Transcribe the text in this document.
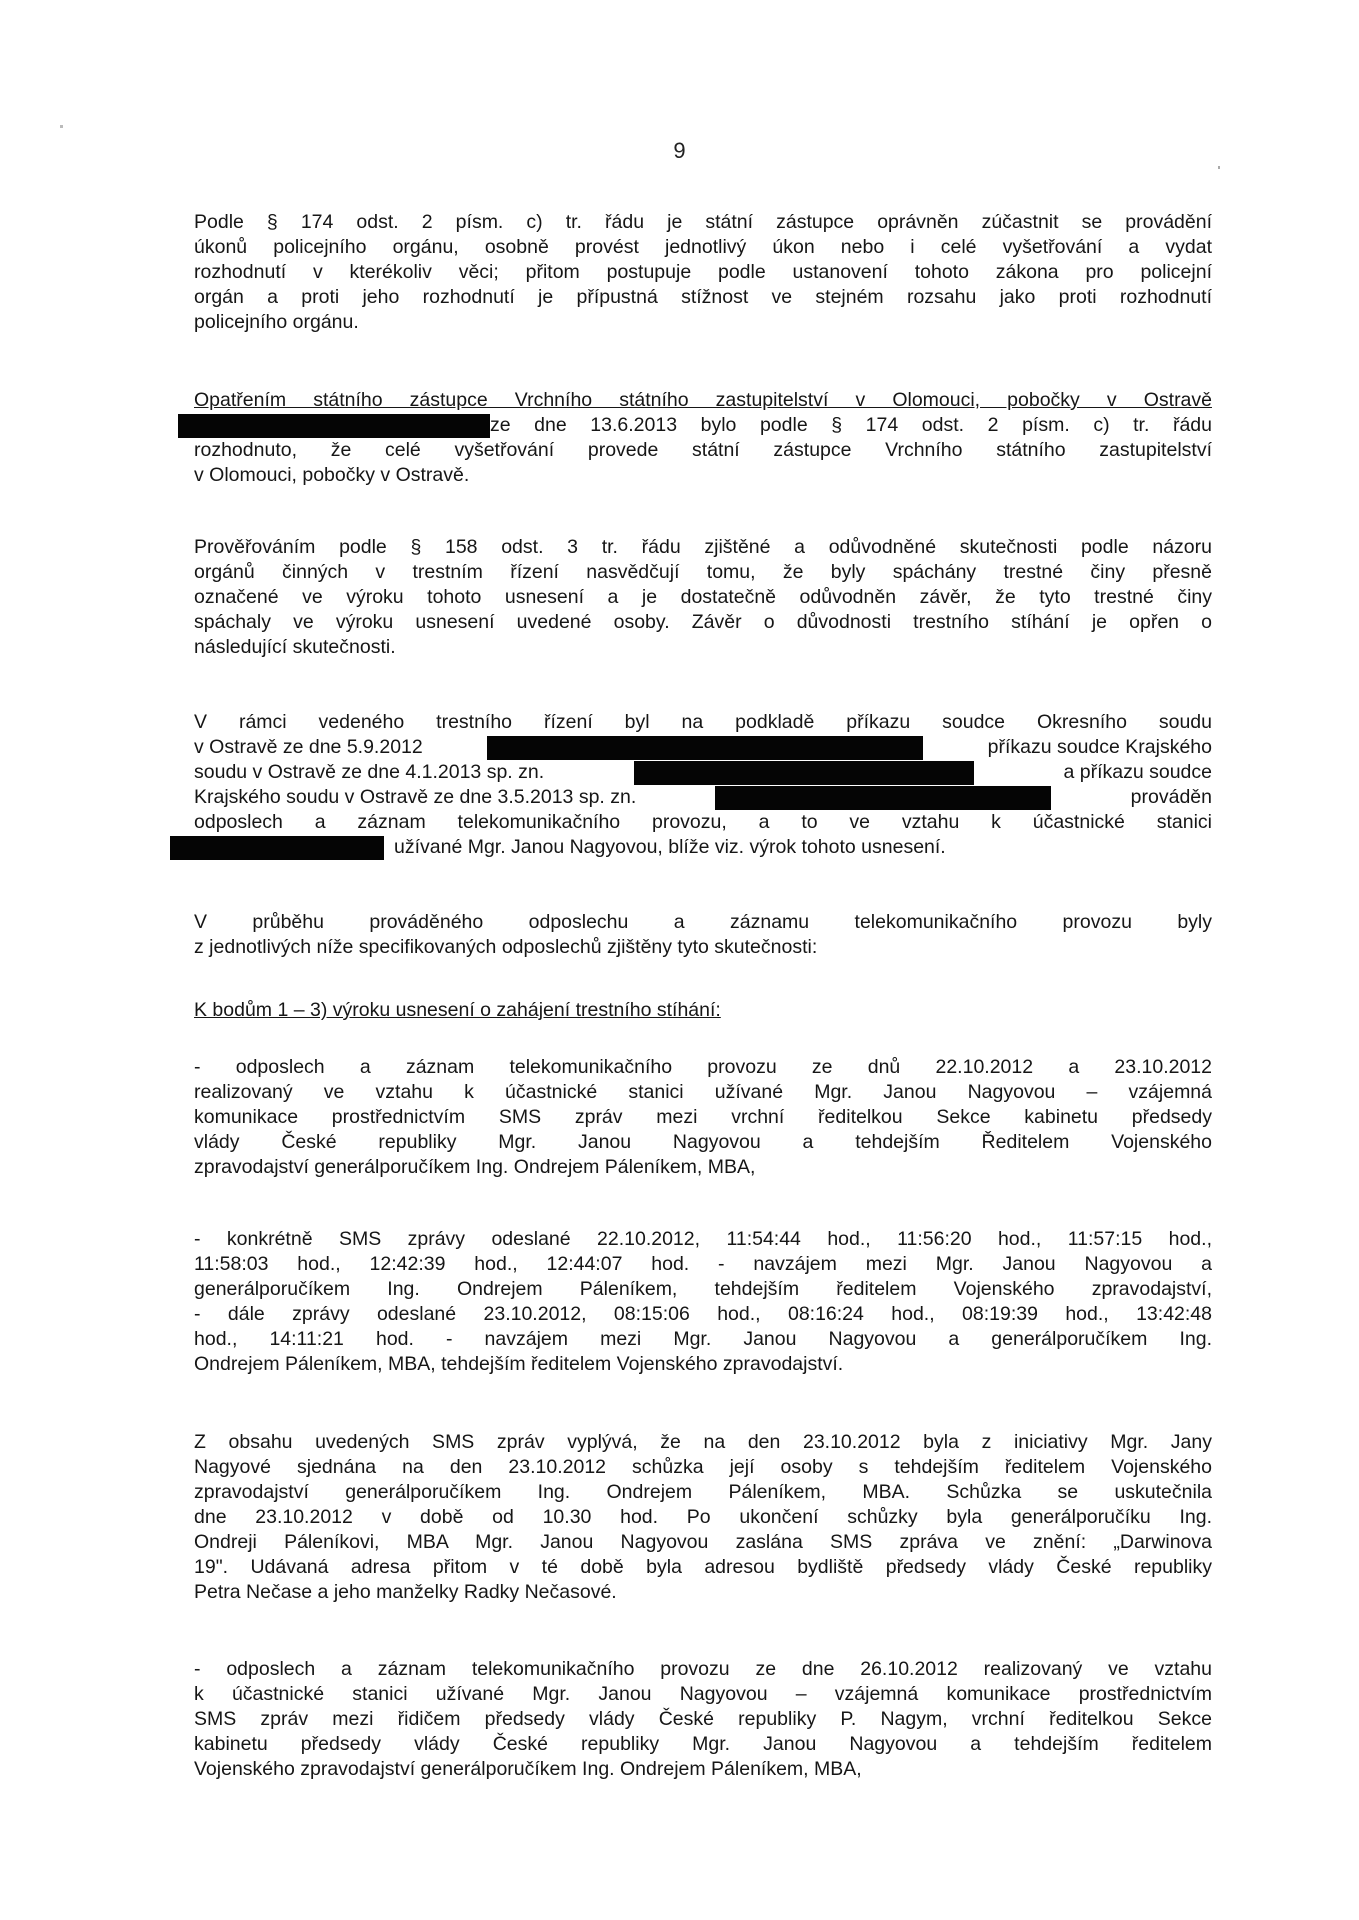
9
Podle § 174 odst. 2 písm. c) tr. řádu je státní zástupce oprávněn zúčastnit se provádění
úkonů policejního orgánu, osobně provést jednotlivý úkon nebo i celé vyšetřování a vydat
rozhodnutí v kterékoliv věci; přitom postupuje podle ustanovení tohoto zákona pro policejní
orgán a proti jeho rozhodnutí je přípustná stížnost ve stejném rozsahu jako proti rozhodnutí
policejního orgánu.
Opatřením státního zástupce Vrchního státního zastupitelství v Olomouci, pobočky v Ostravě
ze dne 13.6.2013 bylo podle § 174 odst. 2 písm. c) tr. řádu
rozhodnuto, že celé vyšetřování provede státní zástupce Vrchního státního zastupitelství
v Olomouci, pobočky v Ostravě.
Prověřováním podle § 158 odst. 3 tr. řádu zjištěné a odůvodněné skutečnosti podle názoru
orgánů činných v trestním řízení nasvědčují tomu, že byly spáchány trestné činy přesně
označené ve výroku tohoto usnesení a je dostatečně odůvodněn závěr, že tyto trestné činy
spáchaly ve výroku usnesení uvedené osoby. Závěr o důvodnosti trestního stíhání je opřen o
následující skutečnosti.
V rámci vedeného trestního řízení byl na podkladě příkazu soudce Okresního soudu
v Ostravě ze dne 5.9.2012	příkazu soudce Krajského
soudu v Ostravě ze dne 4.1.2013 sp. zn.	a příkazu soudce
Krajského soudu v Ostravě ze dne 3.5.2013 sp. zn.	prováděn
odposlech a záznam telekomunikačního provozu, a to ve vztahu k účastnické stanici
užívané Mgr. Janou Nagyovou, blíže viz. výrok tohoto usnesení.
V průběhu prováděného odposlechu a záznamu telekomunikačního provozu byly
z jednotlivých níže specifikovaných odposlechů zjištěny tyto skutečnosti:
K bodům 1 – 3) výroku usnesení o zahájení trestního stíhání:
- odposlech a záznam telekomunikačního provozu ze dnů 22.10.2012 a 23.10.2012
realizovaný ve vztahu k účastnické stanici užívané Mgr. Janou Nagyovou – vzájemná
komunikace prostřednictvím SMS zpráv mezi vrchní ředitelkou Sekce kabinetu předsedy
vlády České republiky Mgr. Janou Nagyovou a tehdejším Ředitelem Vojenského
zpravodajství generálporučíkem Ing. Ondrejem Páleníkem, MBA,
- konkrétně SMS zprávy odeslané 22.10.2012, 11:54:44 hod., 11:56:20 hod., 11:57:15 hod.,
11:58:03 hod., 12:42:39 hod., 12:44:07 hod. - navzájem mezi Mgr. Janou Nagyovou a
generálporučíkem Ing. Ondrejem Páleníkem, tehdejším ředitelem Vojenského zpravodajství,
- dále zprávy odeslané 23.10.2012, 08:15:06 hod., 08:16:24 hod., 08:19:39 hod., 13:42:48
hod., 14:11:21 hod. - navzájem mezi Mgr. Janou Nagyovou a generálporučíkem Ing.
Ondrejem Páleníkem, MBA, tehdejším ředitelem Vojenského zpravodajství.
Z obsahu uvedených SMS zpráv vyplývá, že na den 23.10.2012 byla z iniciativy Mgr. Jany
Nagyové sjednána na den 23.10.2012 schůzka její osoby s tehdejším ředitelem Vojenského
zpravodajství generálporučíkem Ing. Ondrejem Páleníkem, MBA. Schůzka se uskutečnila
dne 23.10.2012 v době od 10.30 hod. Po ukončení schůzky byla generálporučíku Ing.
Ondreji Páleníkovi, MBA Mgr. Janou Nagyovou zaslána SMS zpráva ve znění: „Darwinova
19". Udávaná adresa přitom v té době byla adresou bydliště předsedy vlády České republiky
Petra Nečase a jeho manželky Radky Nečasové.
- odposlech a záznam telekomunikačního provozu ze dne 26.10.2012 realizovaný ve vztahu
k účastnické stanici užívané Mgr. Janou Nagyovou – vzájemná komunikace prostřednictvím
SMS zpráv mezi řidičem předsedy vlády České republiky P. Nagym, vrchní ředitelkou Sekce
kabinetu předsedy vlády České republiky Mgr. Janou Nagyovou a tehdejším ředitelem
Vojenského zpravodajství generálporučíkem Ing. Ondrejem Páleníkem, MBA,
